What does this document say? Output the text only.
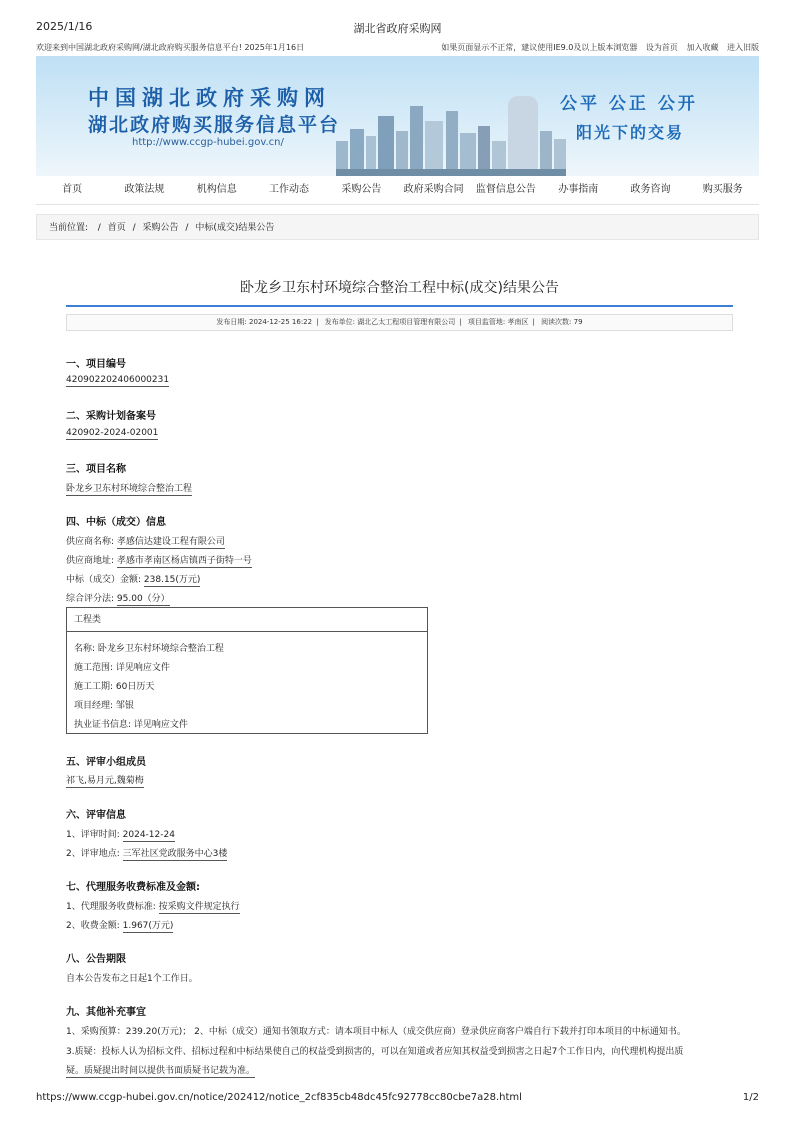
2025/1/16	湖北省政府采购网
欢迎来到中国湖北政府采购网/湖北政府购买服务信息平台! 2025年1月16日	如果页面显示不正常，建议使用IE9.0及以上版本浏览器 设为首页 加入收藏 进入旧版
中国湖北政府采购网
湖北政府购买服务信息平台
http://www.ccgp-hubei.gov.cn/
公平 公正 公开
阳光下的交易
首页	政策法规	机构信息	工作动态	采购公告	政府采购合同	监督信息公告	办事指南	政务咨询	购买服务
当前位置:  / 首页 / 采购公告 / 中标(成交)结果公告
卧龙乡卫东村环境综合整治工程中标(成交)结果公告
发布日期: 2024-12-25 16:22 | 发布单位: 湖北乙太工程项目管理有限公司 | 项目监管地: 孝南区 | 阅读次数: 79
一、项目编号
420902202406000231
二、采购计划备案号
420902-2024-02001
三、项目名称
卧龙乡卫东村环境综合整治工程
四、中标（成交）信息
供应商名称: 孝感信达建设工程有限公司
供应商地址: 孝感市孝南区杨店镇西子街特一号
中标（成交）金额: 238.15(万元)
综合评分法: 95.00（分）
工程类
名称: 卧龙乡卫东村环境综合整治工程
施工范围: 详见响应文件
施工工期: 60日历天
项目经理: 邹银
执业证书信息: 详见响应文件
五、评审小组成员
祁飞,易月元,魏菊梅
六、评审信息
1、评审时间: 2024-12-24
2、评审地点: 三军社区党政服务中心3楼
七、代理服务收费标准及金额:
1、代理服务收费标准: 按采购文件规定执行
2、收费金额: 1.967(万元)
八、公告期限
自本公告发布之日起1个工作日。
九、其他补充事宜
1、采购预算：239.20(万元)； 2、中标（成交）通知书领取方式：请本项目中标人（成交供应商）登录供应商客户端自行下载并打印本项目的中标通知书。
3.质疑：投标人认为招标文件、招标过程和中标结果使自己的权益受到损害的，可以在知道或者应知其权益受到损害之日起7个工作日内，向代理机构提出质
疑。质疑提出时间以提供书面质疑书记载为准。
https://www.ccgp-hubei.gov.cn/notice/202412/notice_2cf835cb48dc45fc92778cc80cbe7a28.html	1/2
